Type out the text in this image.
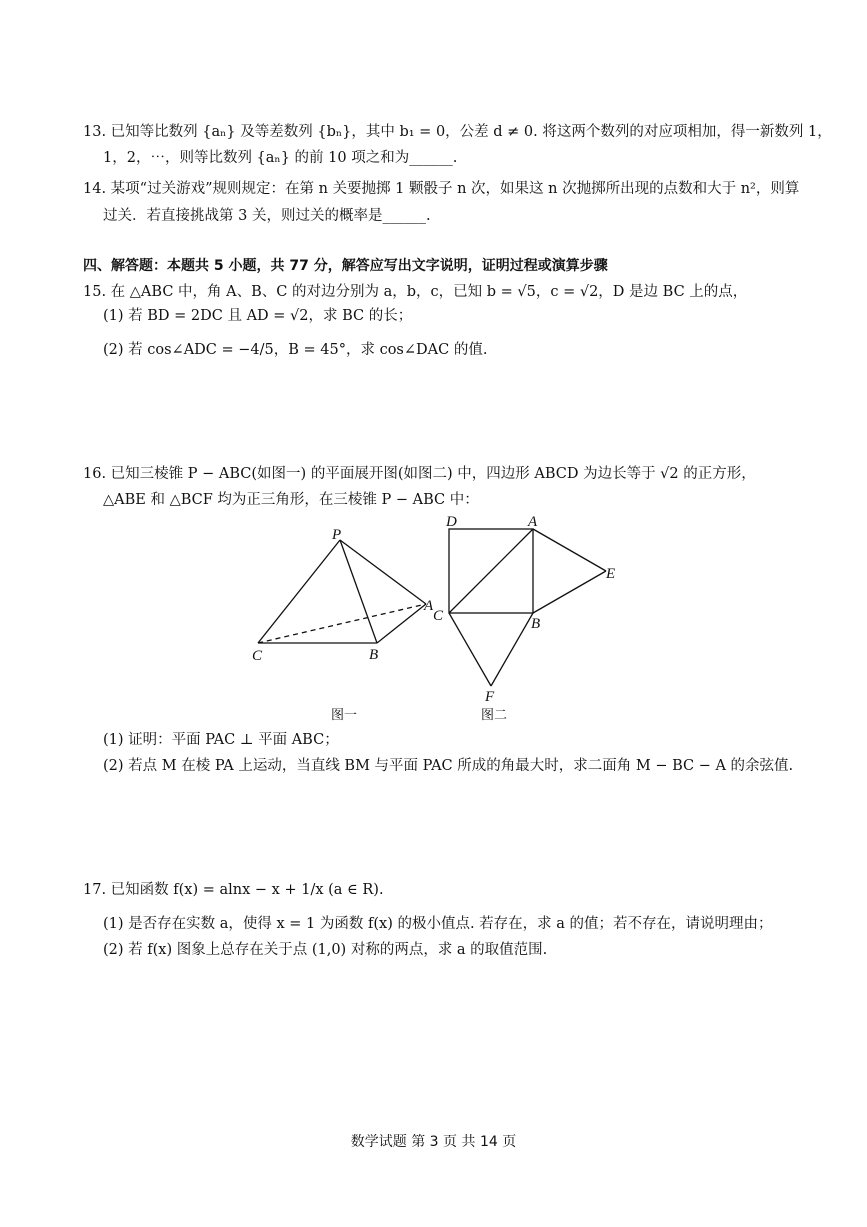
13. 已知等比数列 {aₙ} 及等差数列 {bₙ}，其中 b₁ = 0，公差 d ≠ 0. 将这两个数列的对应项相加，得一新数列 1，
1，2，⋯，则等比数列 {aₙ} 的前 10 项之和为______.
14. 某项“过关游戏”规则规定：在第 n 关要抛掷 1 颗骰子 n 次，如果这 n 次抛掷所出现的点数和大于 n²，则算
过关．若直接挑战第 3 关，则过关的概率是______.
四、解答题：本题共 5 小题，共 77 分，解答应写出文字说明，证明过程或演算步骤
15. 在 △ABC 中，角 A、B、C 的对边分别为 a，b，c，已知 b = √5，c = √2，D 是边 BC 上的点，
(1) 若 BD = 2DC 且 AD = √2，求 BC 的长；
(2) 若 cos∠ADC = −4/5，B = 45°，求 cos∠DAC 的值.
16. 已知三棱锥 P − ABC(如图一) 的平面展开图(如图二) 中，四边形 ABCD 为边长等于 √2 的正方形，
△ABE 和 △BCF 均为正三角形，在三棱锥 P − ABC 中：
P
A
C	B
图一
D	A
E
C	B
F
图二
(1) 证明：平面 PAC ⊥ 平面 ABC；
(2) 若点 M 在棱 PA 上运动，当直线 BM 与平面 PAC 所成的角最大时，求二面角 M − BC − A 的余弦值.
17. 已知函数 f(x) = alnx − x + 1/x (a ∈ R).
(1) 是否存在实数 a，使得 x = 1 为函数 f(x) 的极小值点. 若存在，求 a 的值；若不存在，请说明理由；
(2) 若 f(x) 图象上总存在关于点 (1,0) 对称的两点，求 a 的取值范围.
数学试题 第 3 页 共 14 页
